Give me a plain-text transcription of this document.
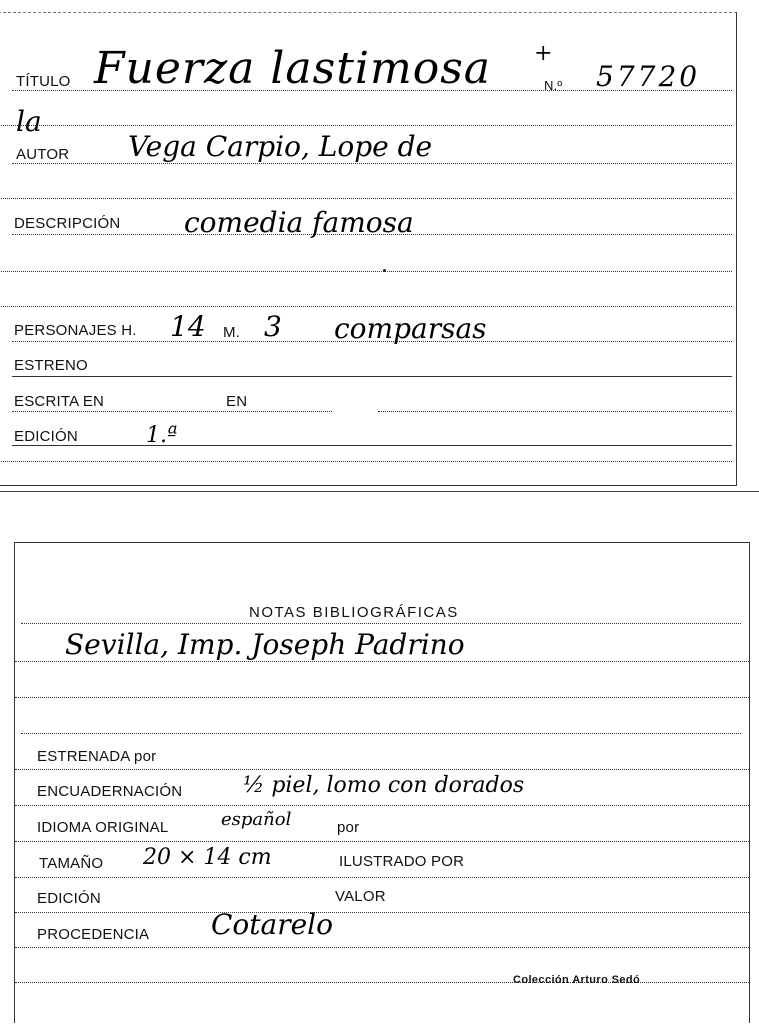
TÍTULO Fuerza lastimosa +
N.º 57720
la
AUTOR Vega Carpio, Lope de
DESCRIPCIÓN comedia famosa
PERSONAJES H. 14 M. 3 comparsas
ESTRENO
ESCRITA EN	EN
EDICIÓN	1.ª
NOTAS BIBLIOGRÁFICAS
Sevilla, Imp. Joseph Padrino
ESTRENADA por
ENCUADERNACIÓN	½ piel, lomo con dorados
IDIOMA ORIGINAL	español	por
TAMAÑO 20 × 14 cm	ILUSTRADO POR
EDICIÓN	VALOR
PROCEDENCIA Cotarelo
Colección Arturo Sedó
